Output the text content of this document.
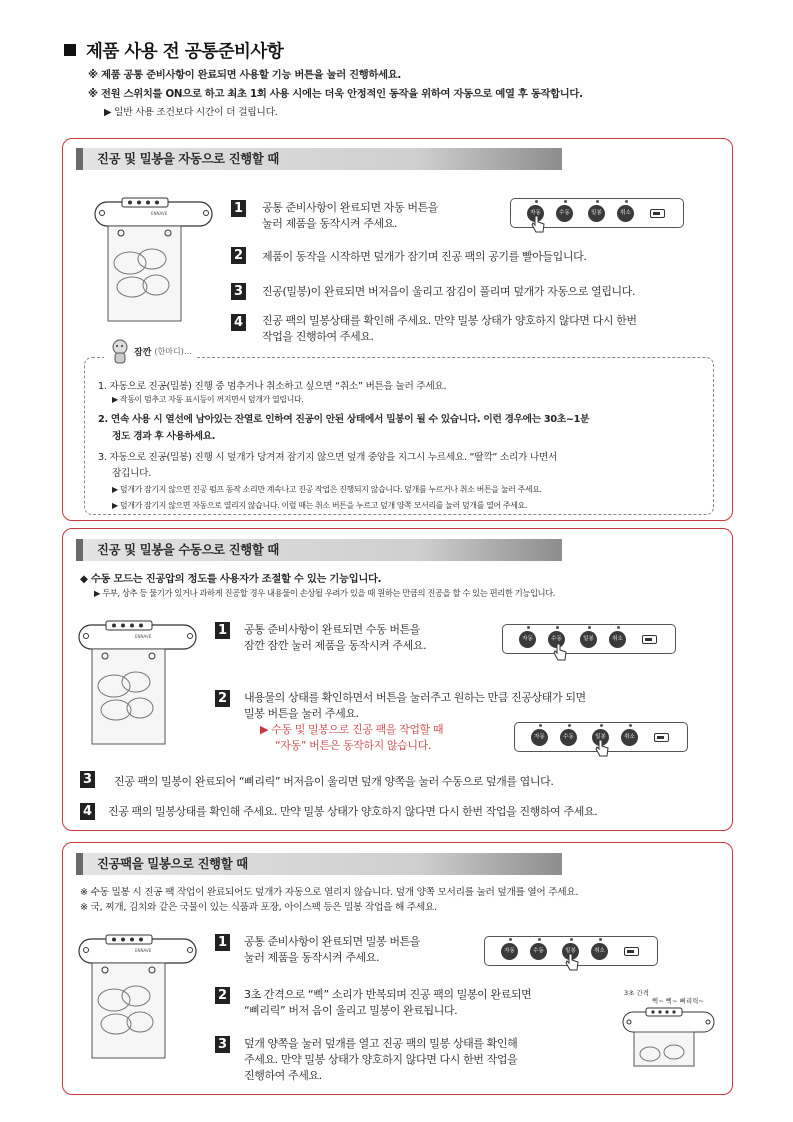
제품 사용 전 공통준비사항
※ 제품 공통 준비사항이 완료되면 사용할 기능 버튼을 눌러 진행하세요.
※ 전원 스위치를 ON으로 하고 최초 1회 사용 시에는 더욱 안정적인 동작을 위하여 자동으로 예열 후 동작합니다.
▶ 일반 사용 조건보다 시간이 더 걸립니다.
진공 및 밀봉을 자동으로 진행할 때
ENNAVE	1 공통 준비사항이 완료되면 자동 버튼을
눌러 제품을 동작시켜 주세요.
자동	수동	밀봉	취소
2 제품이 동작을 시작하면 덮개가 잠기며 진공 팩의 공기를 빨아들입니다.
3 진공(밀봉)이 완료되면 버저음이 울리고 잠김이 풀리며 덮개가 자동으로 열립니다.
4 진공 팩의 밀봉상태를 확인해 주세요. 만약 밀봉 상태가 양호하지 않다면 다시 한번
작업을 진행하여 주세요.
잠깐 (한마디)…
1. 자동으로 진공(밀봉) 진행 중 멈추거나 취소하고 싶으면 “취소” 버튼을 눌러 주세요.
▶ 작동이 멈추고 자동 표시등이 꺼지면서 덮개가 열립니다.
2. 연속 사용 시 열선에 남아있는 잔열로 인하여 진공이 안된 상태에서 밀봉이 될 수 있습니다. 이런 경우에는 30초~1분
정도 경과 후 사용하세요.
3. 자동으로 진공(밀봉) 진행 시 덮개가 당겨져 잠기지 않으면 덮개 중앙을 지그시 누르세요. “딸깍” 소리가 나면서
잠깁니다.
▶ 덮개가 잠기지 않으면 진공 펌프 동작 소리만 계속나고 진공 작업은 진행되지 않습니다. 덮개를 누르거나 취소 버튼을 눌러 주세요.
▶ 덮개가 잠기지 않으면 자동으로 열리지 않습니다. 이럴 때는 취소 버튼을 누르고 덮개 양쪽 모서리를 눌러 덮개를 열어 주세요.
진공 및 밀봉을 수동으로 진행할 때
◆ 수동 모드는 진공압의 정도를 사용자가 조절할 수 있는 기능입니다.
▶ 두부, 상추 등 물기가 있거나 과하게 진공할 경우 내용물이 손상될 우려가 있을 때 원하는 만큼의 진공을 할 수 있는 편리한 기능입니다.
ENNAVE	1 공통 준비사항이 완료되면 수동 버튼을
잠깐 잠깐 눌러 제품을 동작시켜 주세요.	자동	수동	밀봉	취소
2 내용물의 상태를 확인하면서 버튼을 눌러주고 원하는 만큼 진공상태가 되면
밀봉 버튼을 눌러 주세요.
▶ 수동 및 밀봉으로 진공 팩을 작업할 때
“자동” 버튼은 동작하지 않습니다.
자동	수동	밀봉	취소
3 진공 팩의 밀봉이 완료되어 “삐리릭” 버저음이 울리면 덮개 양쪽을 눌러 수동으로 덮개를 엽니다.
4 진공 팩의 밀봉상태를 확인해 주세요. 만약 밀봉 상태가 양호하지 않다면 다시 한번 작업을 진행하여 주세요.
진공팩을 밀봉으로 진행할 때
※ 수동 밀봉 시 진공 팩 작업이 완료되어도 덮개가 자동으로 열리지 않습니다. 덮개 양쪽 모서리를 눌러 덮개를 열어 주세요.
※ 국, 찌개, 김치와 같은 국물이 있는 식품과 포장, 아이스팩 등은 밀봉 작업을 해 주세요.
ENNAVE
1 공통 준비사항이 완료되면 밀봉 버튼을
눌러 제품을 동작시켜 주세요.	자동	수동	밀봉	취소
2 3초 간격으로 “삑” 소리가 반복되며 진공 팩의 밀봉이 완료되면
“삐리릭” 버저 음이 울리고 밀봉이 완료됩니다.
3 덮개 양쪽을 눌러 덮개를 열고 진공 팩의 밀봉 상태를 확인해
주세요. 만약 밀봉 상태가 양호하지 않다면 다시 한번 작업을
진행하여 주세요.
3초 간격
삑~ 삑~ 삐리릭~
